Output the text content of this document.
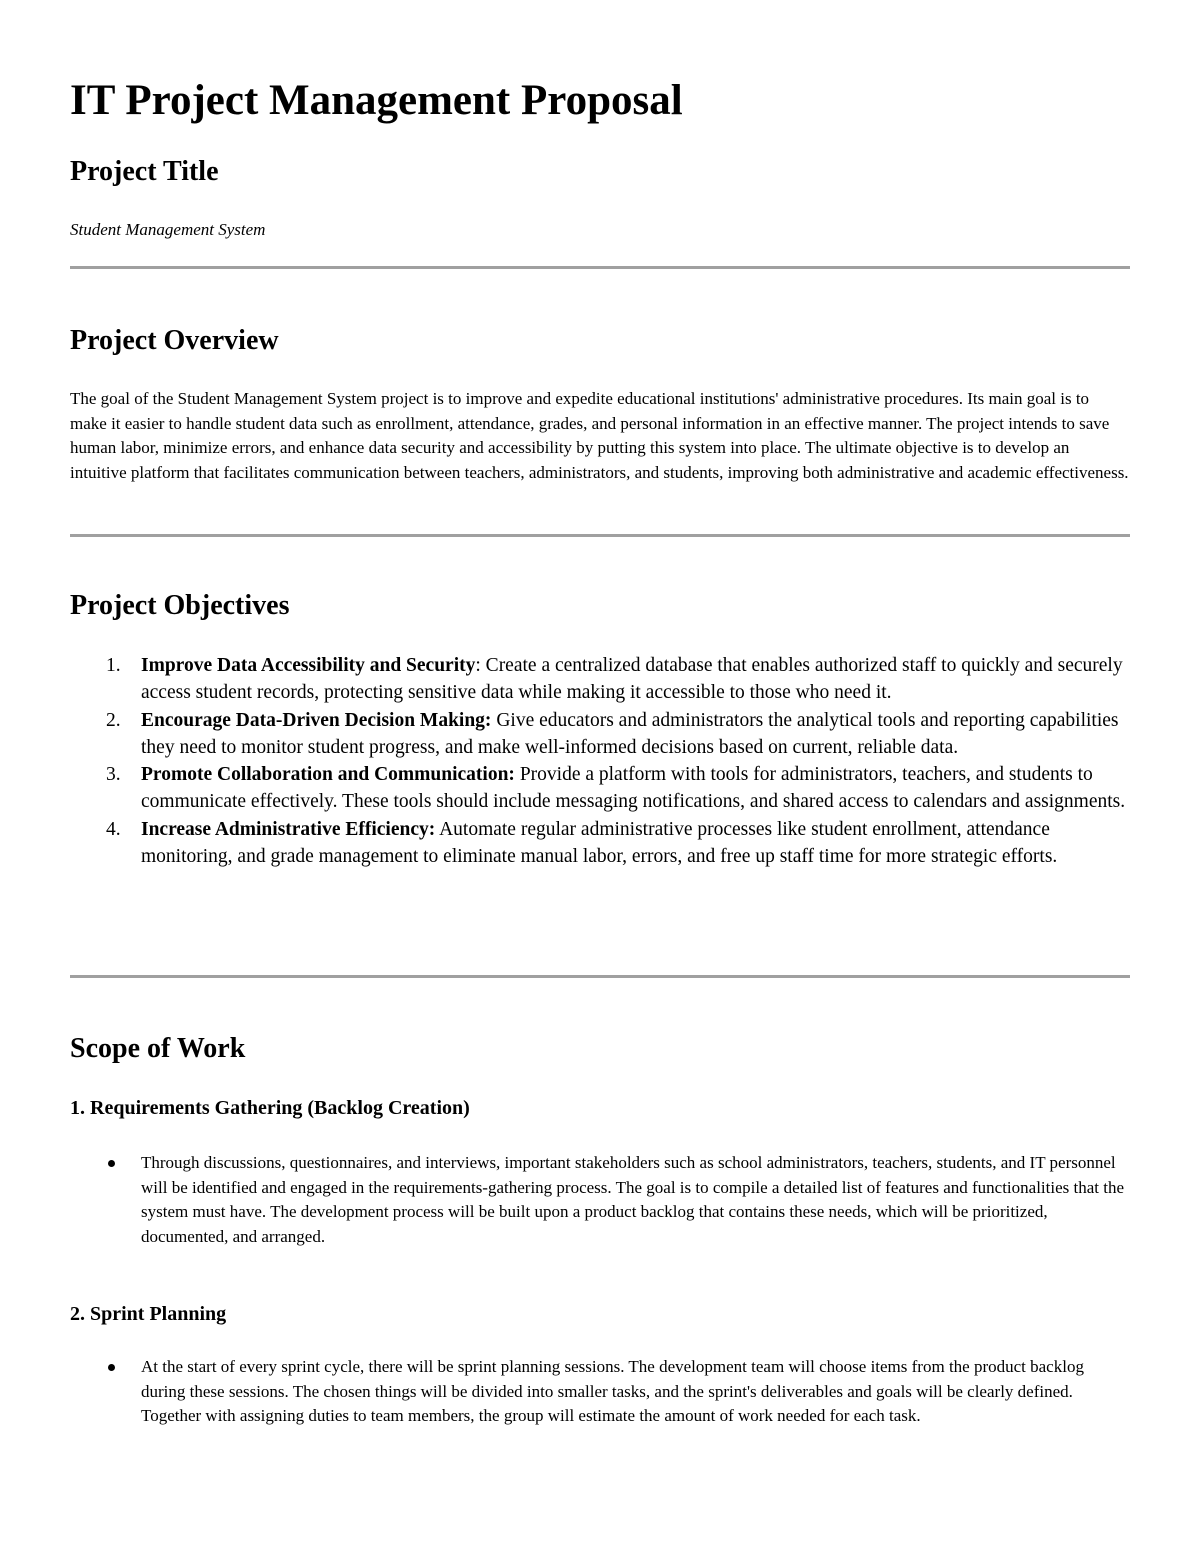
IT Project Management Proposal
Project Title

Student Management System

Project Overview

The goal of the Student Management System project is to improve and expedite educational institutions' administrative procedures. Its main goal is to make it easier to handle student data such as enrollment, attendance, grades, and personal information in an effective manner. The project intends to save human labor, minimize errors, and enhance data security and accessibility by putting this system into place. The ultimate objective is to develop an intuitive platform that facilitates communication between teachers, administrators, and students, improving both administrative and academic effectiveness.

Project Objectives
1. Improve Data Accessibility and Security: Create a centralized database that enables authorized staff to quickly and securely access student records, protecting sensitive data while making it accessible to those who need it.
2. Encourage Data-Driven Decision Making: Give educators and administrators the analytical tools and reporting capabilities they need to monitor student progress, and make well-informed decisions based on current, reliable data.
3. Promote Collaboration and Communication: Provide a platform with tools for administrators, teachers, and students to communicate effectively. These tools should include messaging notifications, and shared access to calendars and assignments.
4. Increase Administrative Efficiency: Automate regular administrative processes like student enrollment, attendance monitoring, and grade management to eliminate manual labor, errors, and free up staff time for more strategic efforts.
Scope of Work
1. Requirements Gathering (Backlog Creation)
Through discussions, questionnaires, and interviews, important stakeholders such as school administrators, teachers, students, and IT personnel will be identified and engaged in the requirements-gathering process. The goal is to compile a detailed list of features and functionalities that the system must have. The development process will be built upon a product backlog that contains these needs, which will be prioritized, documented, and arranged.
2. Sprint Planning
At the start of every sprint cycle, there will be sprint planning sessions. The development team will choose items from the product backlog during these sessions. The chosen things will be divided into smaller tasks, and the sprint's deliverables and goals will be clearly defined. Together with assigning duties to team members, the group will estimate the amount of work needed for each task.
